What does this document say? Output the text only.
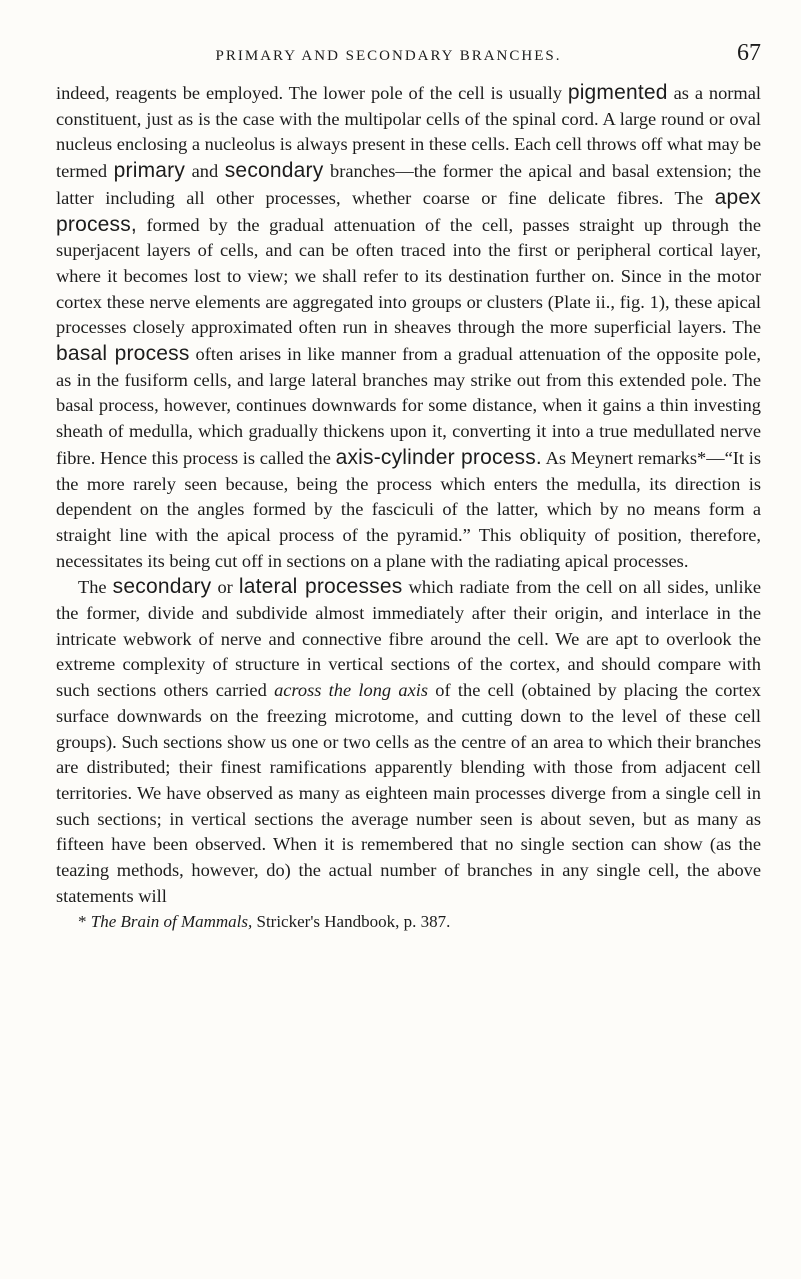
PRIMARY AND SECONDARY BRANCHES.	67

indeed, reagents be employed. The lower pole of the cell is usually pigmented as a normal constituent, just as is the case with the multipolar cells of the spinal cord. A large round or oval nucleus enclosing a nucleolus is always present in these cells. Each cell throws off what may be termed primary and secondary branches—the former the apical and basal extension; the latter including all other processes, whether coarse or fine delicate fibres. The apex process, formed by the gradual attenuation of the cell, passes straight up through the superjacent layers of cells, and can be often traced into the first or peripheral cortical layer, where it becomes lost to view; we shall refer to its destination further on. Since in the motor cortex these nerve elements are aggregated into groups or clusters (Plate ii., fig. 1), these apical processes closely approximated often run in sheaves through the more superficial layers. The basal process often arises in like manner from a gradual attenuation of the opposite pole, as in the fusiform cells, and large lateral branches may strike out from this extended pole. The basal process, however, continues downwards for some distance, when it gains a thin investing sheath of medulla, which gradually thickens upon it, converting it into a true medullated nerve fibre. Hence this process is called the axis-cylinder process. As Meynert remarks*—“It is the more rarely seen because, being the process which enters the medulla, its direction is dependent on the angles formed by the fasciculi of the latter, which by no means form a straight line with the apical process of the pyramid.” This obliquity of position, therefore, necessitates its being cut off in sections on a plane with the radiating apical processes.

The secondary or lateral processes which radiate from the cell on all sides, unlike the former, divide and subdivide almost immediately after their origin, and interlace in the intricate webwork of nerve and connective fibre around the cell. We are apt to overlook the extreme complexity of structure in vertical sections of the cortex, and should compare with such sections others carried across the long axis of the cell (obtained by placing the cortex surface downwards on the freezing microtome, and cutting down to the level of these cell groups). Such sections show us one or two cells as the centre of an area to which their branches are distributed; their finest ramifications apparently blending with those from adjacent cell territories. We have observed as many as eighteen main processes diverge from a single cell in such sections; in vertical sections the average number seen is about seven, but as many as fifteen have been observed. When it is remembered that no single section can show (as the teazing methods, however, do) the actual number of branches in any single cell, the above statements will

* The Brain of Mammals, Stricker's Handbook, p. 387.
